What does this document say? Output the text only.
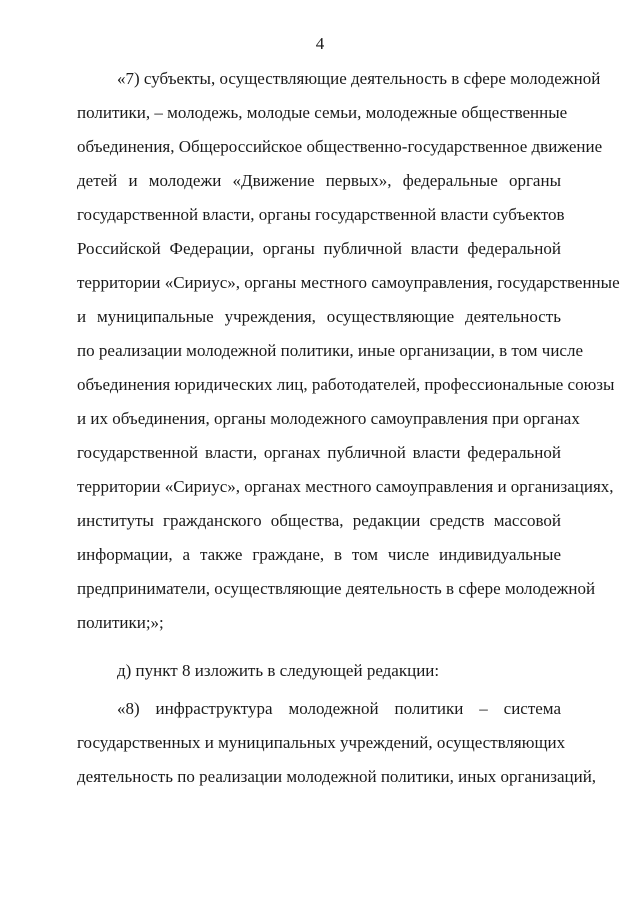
4
«7) субъекты, осуществляющие деятельность в сфере молодежной
политики, – молодежь, молодые семьи, молодежные общественные
объединения, Общероссийское общественно-государственное движение
детей и молодежи «Движение первых», федеральные органы
государственной власти, органы государственной власти субъектов
Российской Федерации, органы публичной власти федеральной
территории «Сириус», органы местного самоуправления, государственные
и муниципальные учреждения, осуществляющие деятельность
по реализации молодежной политики, иные организации, в том числе
объединения юридических лиц, работодателей, профессиональные союзы
и их объединения, органы молодежного самоуправления при органах
государственной власти, органах публичной власти федеральной
территории «Сириус», органах местного самоуправления и организациях,
институты гражданского общества, редакции средств массовой
информации, а также граждане, в том числе индивидуальные
предприниматели, осуществляющие деятельность в сфере молодежной
политики;»;
д) пункт 8 изложить в следующей редакции:
«8) инфраструктура молодежной политики – система
государственных и муниципальных учреждений, осуществляющих
деятельность по реализации молодежной политики, иных организаций,
